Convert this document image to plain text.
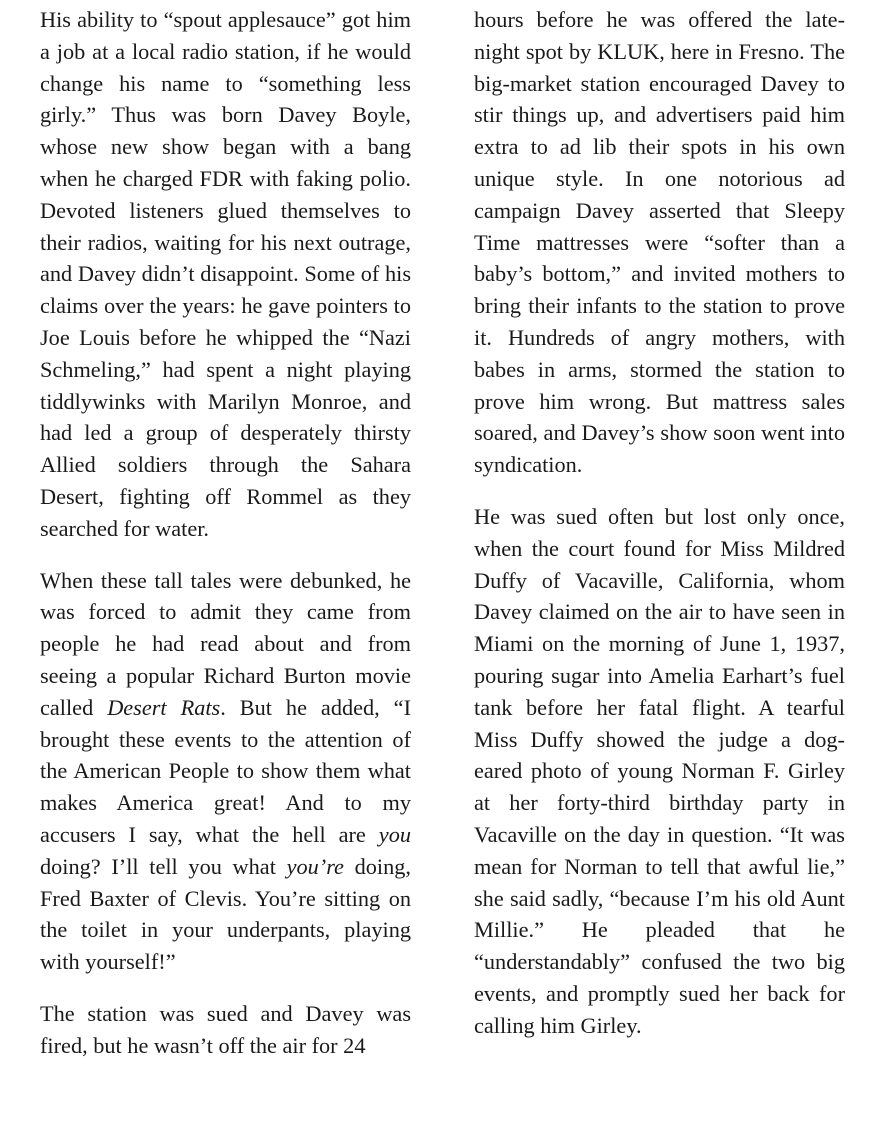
His ability to “spout applesauce” got him a job at a local radio station, if he would change his name to “something less girly.” Thus was born Davey Boyle, whose new show began with a bang when he charged FDR with faking polio. Devoted listeners glued themselves to their radios, waiting for his next outrage, and Davey didn’t disappoint. Some of his claims over the years: he gave pointers to Joe Louis before he whipped the “Nazi Schmeling,” had spent a night playing tiddlywinks with Marilyn Monroe, and had led a group of desperately thirsty Allied soldiers through the Sahara Desert, fighting off Rommel as they searched for water.

When these tall tales were debunked, he was forced to admit they came from people he had read about and from seeing a popular Richard Burton movie called Desert Rats. But he added, “I brought these events to the attention of the American People to show them what makes America great! And to my accusers I say, what the hell are you doing? I’ll tell you what you’re doing, Fred Baxter of Clevis. You’re sitting on the toilet in your underpants, playing with yourself!”

The station was sued and Davey was fired, but he wasn’t off the air for 24

hours before he was offered the late-night spot by KLUK, here in Fresno. The big-market station encouraged Davey to stir things up, and advertisers paid him extra to ad lib their spots in his own unique style. In one notorious ad campaign Davey asserted that Sleepy Time mattresses were “softer than a baby’s bottom,” and invited mothers to bring their infants to the station to prove it. Hundreds of angry mothers, with babes in arms, stormed the station to prove him wrong. But mattress sales soared, and Davey’s show soon went into syndication.

He was sued often but lost only once, when the court found for Miss Mildred Duffy of Vacaville, California, whom Davey claimed on the air to have seen in Miami on the morning of June 1, 1937, pouring sugar into Amelia Earhart’s fuel tank before her fatal flight. A tearful Miss Duffy showed the judge a dog-eared photo of young Norman F. Girley at her forty-third birthday party in Vacaville on the day in question. “It was mean for Norman to tell that awful lie,” she said sadly, “because I’m his old Aunt Millie.” He pleaded that he “understandably” confused the two big events, and promptly sued her back for calling him Girley.
